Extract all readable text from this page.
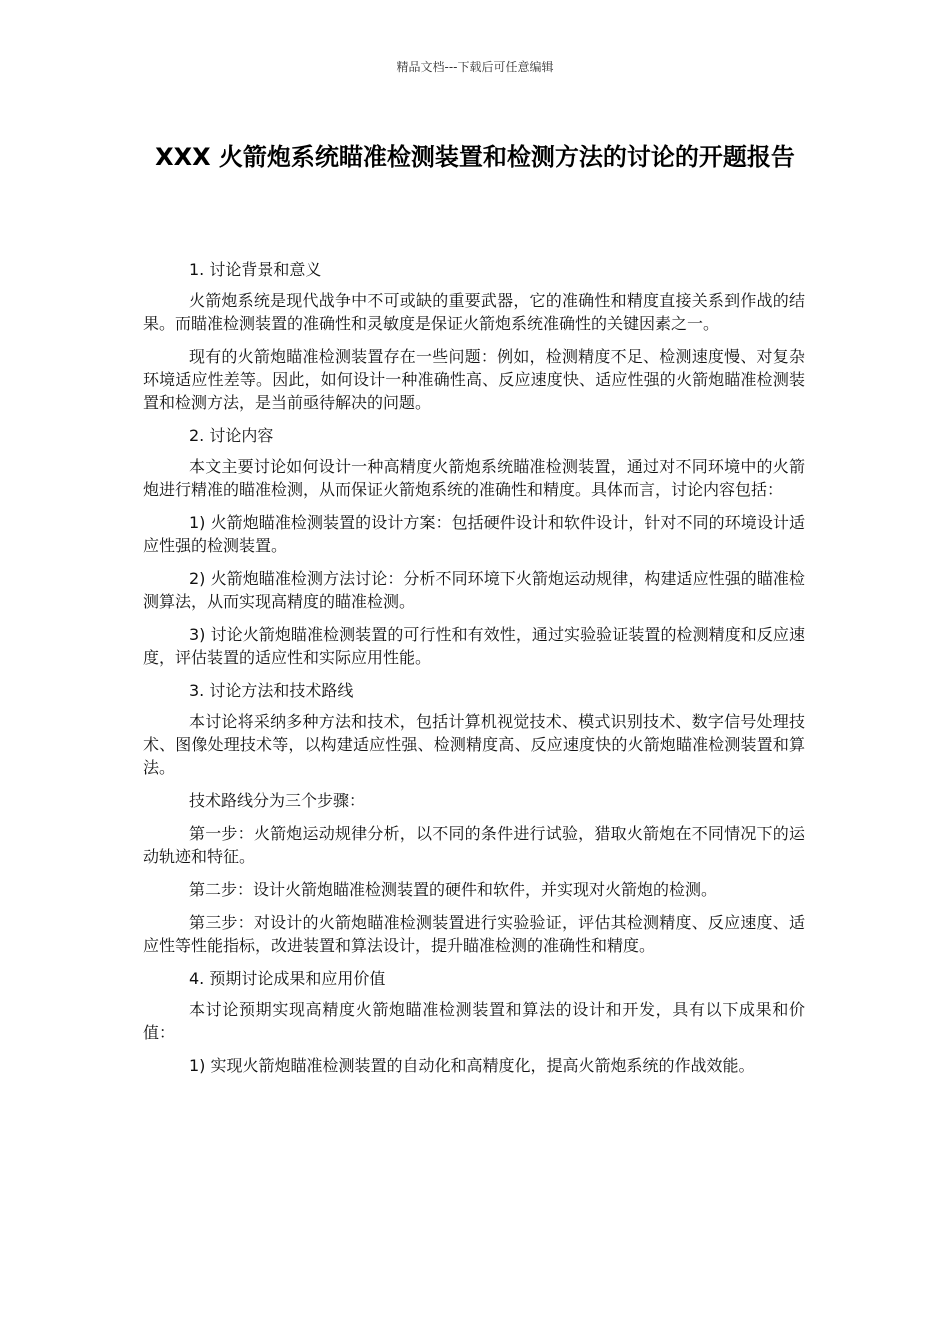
精品文档---下载后可任意编辑
XXX 火箭炮系统瞄准检测装置和检测方法的讨论的开题报告

1. 讨论背景和意义

火箭炮系统是现代战争中不可或缺的重要武器，它的准确性和精度直接关系到作战的结果。而瞄准检测装置的准确性和灵敏度是保证火箭炮系统准确性的关键因素之一。

现有的火箭炮瞄准检测装置存在一些问题：例如，检测精度不足、检测速度慢、对复杂环境适应性差等。因此，如何设计一种准确性高、反应速度快、适应性强的火箭炮瞄准检测装置和检测方法，是当前亟待解决的问题。

2. 讨论内容

本文主要讨论如何设计一种高精度火箭炮系统瞄准检测装置，通过对不同环境中的火箭炮进行精准的瞄准检测，从而保证火箭炮系统的准确性和精度。具体而言，讨论内容包括：

1) 火箭炮瞄准检测装置的设计方案：包括硬件设计和软件设计，针对不同的环境设计适应性强的检测装置。

2) 火箭炮瞄准检测方法讨论：分析不同环境下火箭炮运动规律，构建适应性强的瞄准检测算法，从而实现高精度的瞄准检测。

3) 讨论火箭炮瞄准检测装置的可行性和有效性，通过实验验证装置的检测精度和反应速度，评估装置的适应性和实际应用性能。

3. 讨论方法和技术路线

本讨论将采纳多种方法和技术，包括计算机视觉技术、模式识别技术、数字信号处理技术、图像处理技术等，以构建适应性强、检测精度高、反应速度快的火箭炮瞄准检测装置和算法。

技术路线分为三个步骤：

第一步：火箭炮运动规律分析，以不同的条件进行试验，猎取火箭炮在不同情况下的运动轨迹和特征。

第二步：设计火箭炮瞄准检测装置的硬件和软件，并实现对火箭炮的检测。

第三步：对设计的火箭炮瞄准检测装置进行实验验证，评估其检测精度、反应速度、适应性等性能指标，改进装置和算法设计，提升瞄准检测的准确性和精度。

4. 预期讨论成果和应用价值

本讨论预期实现高精度火箭炮瞄准检测装置和算法的设计和开发，具有以下成果和价值：

1) 实现火箭炮瞄准检测装置的自动化和高精度化，提高火箭炮系统的作战效能。
